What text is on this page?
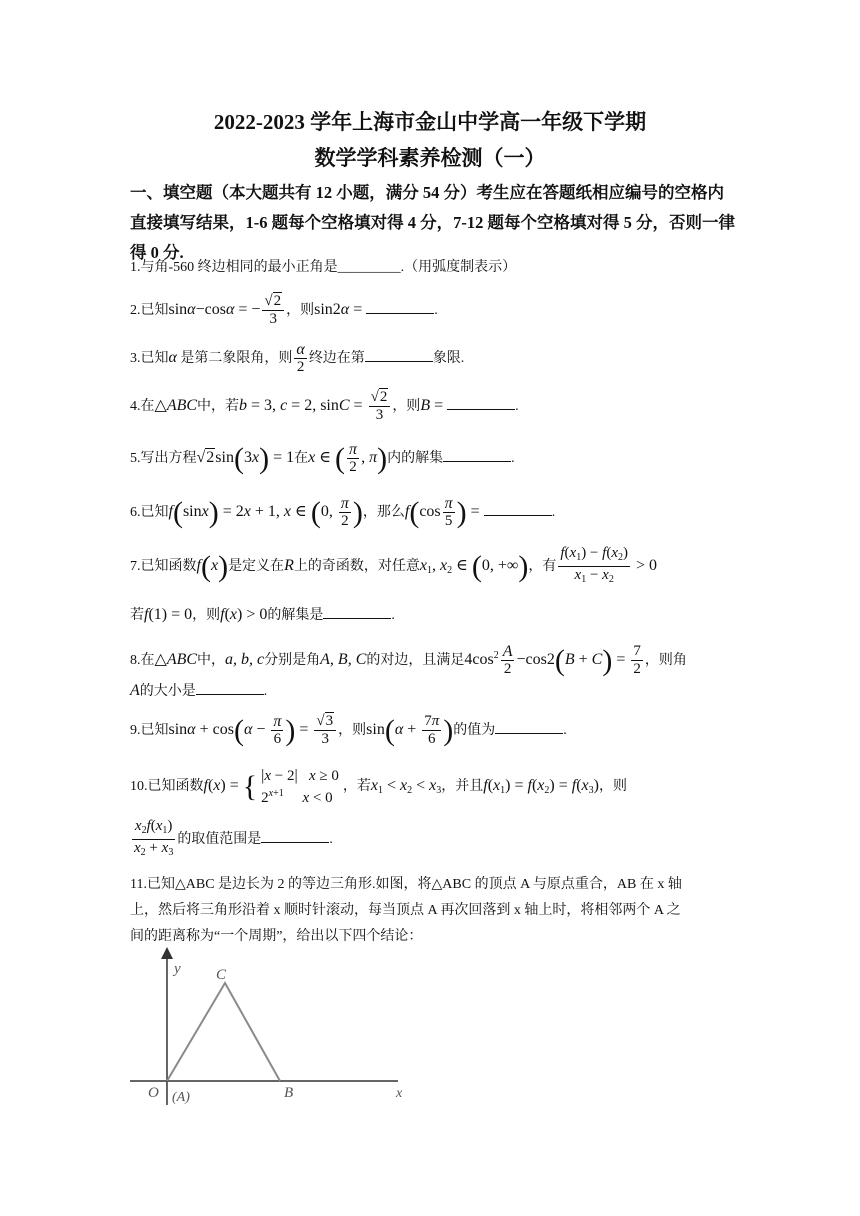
2022-2023 学年上海市金山中学高一年级下学期
数学学科素养检测（一）
一、填空题（本大题共有 12 小题，满分 54 分）考生应在答题纸相应编号的空格内直接填写结果，1-6 题每个空格填对得 4 分，7-12 题每个空格填对得 5 分，否则一律得 0 分.
1.与角-560 终边相同的最小正角是_________.（用弧度制表示）
2.已知sinα−cosα = − $\frac{√2}{3}$ ，则sin2α =	.
3.已知α 是第二象限角，则 $\frac{\alpha}{2}$ 终边在第	象限.
4.在△ABC中，若b = 3, c = 2, $\sin C = \frac{√2}{3}$ ，则B =	.
5.写出方程√2sin(3x) = 1在x ∈ ( $\frac{\pi}{2}$ , π)内的解集	.
6.已知f(sinx) = 2x + 1, x ∈ (0, $\frac{\pi}{2}$ )，那么$f(\cos \frac{\pi}{5}$ ) =	.
7.已知函数f(x)是定义在R上的奇函数，对任意$x_1$, $x_2$ ∈ (0, +∞)，有 $\frac{f(x_1) - f(x_2)}{x_1 - x_2} > 0$
若f(1) = 0，则f(x) > 0的解集是	.
8.在△ABC中，a, b, c分别是角A, B, C的对边，且满足$4\cos^2 \frac{A}{2} -\cos 2(B + C) = \frac{7}{2}$ ，则角
A的大小是	.
9.已知$\sin\alpha + \cos(\alpha - \frac{\pi}{6}$ ) = $\frac{√3}{3}$ ，则$\sin(\alpha + \frac{7\pi}{6}$ )的值为	.
10.已知函数f(x) = { |x − 2| x ≥ 0
$2^{x+1}$ x < 0
，若$x_1 < x_2 < x_3$，并且$f(x_1) = f(x_2) = f(x_3)$，则
$\frac{x_2f(x_1)}{x_2 + x_3}$ 的取值范围是	.
11.已知△ABC 是边长为 2 的等边三角形.如图，将△ABC 的顶点 A 与原点重合，AB 在 x 轴
上，然后将三角形沿着 x 顺时针滚动，每当顶点 A 再次回落到 x 轴上时，将相邻两个 A 之
间的距离称为“一个周期”，给出以下四个结论：
y C
O (A)	B	x
